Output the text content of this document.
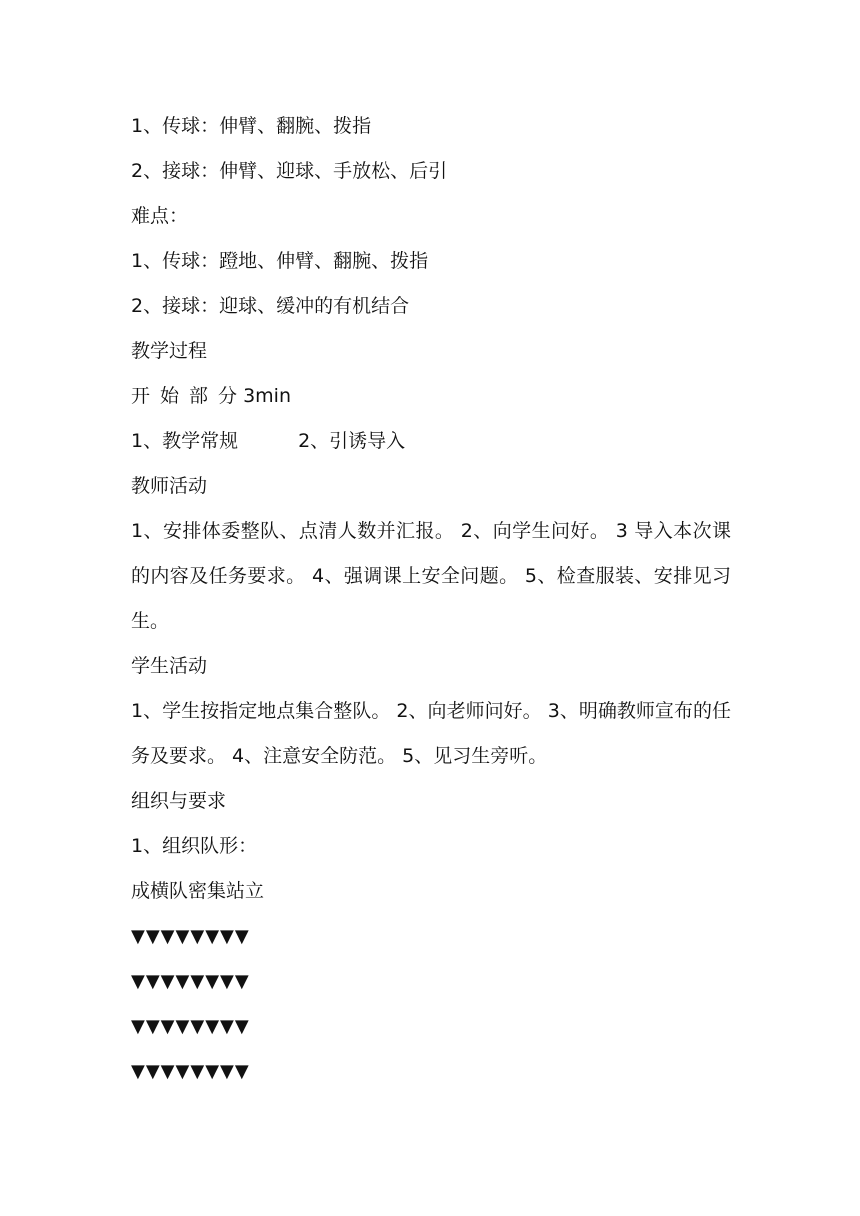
1、传球：伸臂、翻腕、拨指
2、接球：伸臂、迎球、手放松、后引
难点：
1、传球：蹬地、伸臂、翻腕、拨指
2、接球：迎球、缓冲的有机结合
教学过程
开 始 部 分 3min
1、教学常规	2、引诱导入
教师活动
1、安排体委整队、点清人数并汇报。 2、向学生问好。 3 导入本次课的内容及任务要求。 4、强调课上安全问题。 5、检查服装、安排见习生。
学生活动
1、学生按指定地点集合整队。 2、向老师问好。 3、明确教师宣布的任务及要求。 4、注意安全防范。 5、见习生旁听。
组织与要求
1、组织队形：
成横队密集站立
▼▼▼▼▼▼▼▼
▼▼▼▼▼▼▼▼
▼▼▼▼▼▼▼▼
▼▼▼▼▼▼▼▼
